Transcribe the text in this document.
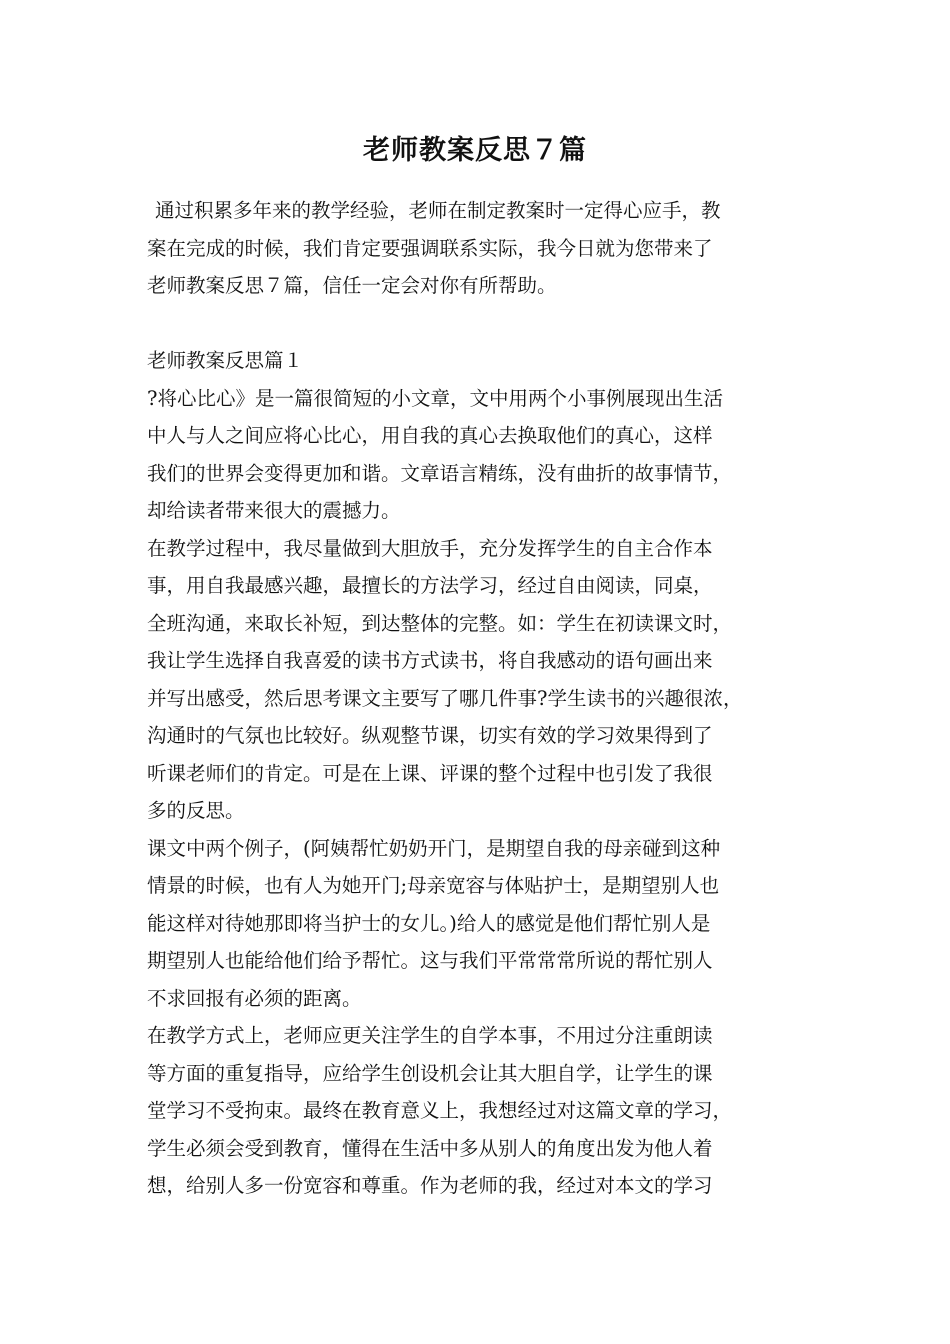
老师教案反思７篇
通过积累多年来的教学经验，老师在制定教案时一定得心应手，教
案在完成的时候，我们肯定要强调联系实际，我今日就为您带来了
老师教案反思７篇，信任一定会对你有所帮助。
老师教案反思篇１
?将心比心》是一篇很简短的小文章，文中用两个小事例展现出生活
中人与人之间应将心比心，用自我的真心去换取他们的真心，这样
我们的世界会变得更加和谐。文章语言精练，没有曲折的故事情节，
却给读者带来很大的震撼力。
在教学过程中，我尽量做到大胆放手，充分发挥学生的自主合作本
事，用自我最感兴趣，最擅长的方法学习，经过自由阅读，同桌，
全班沟通，来取长补短，到达整体的完整。如：学生在初读课文时，
我让学生选择自我喜爱的读书方式读书，将自我感动的语句画出来
并写出感受，然后思考课文主要写了哪几件事?学生读书的兴趣很浓，
沟通时的气氛也比较好。纵观整节课，切实有效的学习效果得到了
听课老师们的肯定。可是在上课、评课的整个过程中也引发了我很
多的反思。
课文中两个例子，(阿姨帮忙奶奶开门，是期望自我的母亲碰到这种
情景的时候，也有人为她开门;母亲宽容与体贴护士，是期望别人也
能这样对待她那即将当护士的女儿。)给人的感觉是他们帮忙别人是
期望别人也能给他们给予帮忙。这与我们平常常常所说的帮忙别人
不求回报有必须的距离。
在教学方式上，老师应更关注学生的自学本事，不用过分注重朗读
等方面的重复指导，应给学生创设机会让其大胆自学，让学生的课
堂学习不受拘束。最终在教育意义上，我想经过对这篇文章的学习，
学生必须会受到教育，懂得在生活中多从别人的角度出发为他人着
想，给别人多一份宽容和尊重。作为老师的我，经过对本文的学习
